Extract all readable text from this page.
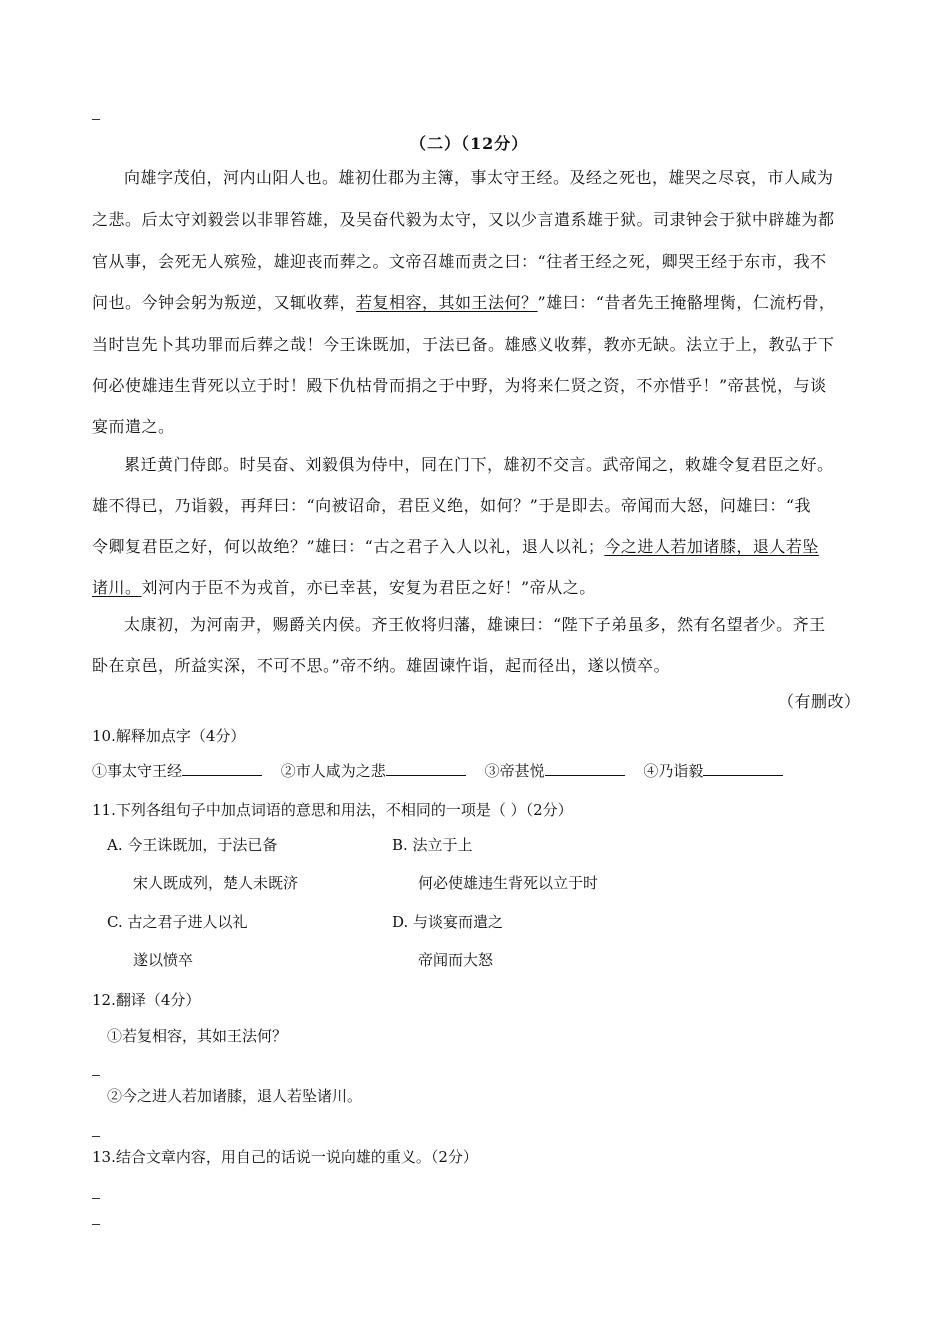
（二）（12分）
向雄字茂伯，河内山阳人也。雄初仕郡为主簿，事太守王经。及经之死也，雄哭之尽哀，市人咸为
之悲。后太守刘毅尝以非罪笞雄，及吴奋代毅为太守，又以少言遣系雄于狱。司隶钟会于狱中辟雄为都
官从事，会死无人殡殓，雄迎丧而葬之。文帝召雄而责之曰：“往者王经之死，卿哭王经于东市，我不
问也。今钟会躬为叛逆，又辄收葬，若复相容，其如王法何？”雄曰：“昔者先王掩骼埋胔，仁流朽骨，
当时岂先卜其功罪而后葬之哉！今王诛既加，于法已备。雄感义收葬，教亦无缺。法立于上，教弘于下
何必使雄违生背死以立于时！殿下仇枯骨而捐之于中野，为将来仁贤之资，不亦惜乎！”帝甚悦，与谈
宴而遣之。
累迁黄门侍郎。时吴奋、刘毅俱为侍中，同在门下，雄初不交言。武帝闻之，敕雄令复君臣之好。
雄不得已，乃诣毅，再拜曰：“向被诏命，君臣义绝，如何？”于是即去。帝闻而大怒，问雄曰：“我
令卿复君臣之好，何以故绝？”雄曰：“古之君子入人以礼，退人以礼；今之进人若加诸膝，退人若坠
诸川。刘河内于臣不为戎首，亦已幸甚，安复为君臣之好！”帝从之。
太康初，为河南尹，赐爵关内侯。齐王攸将归藩，雄谏曰：“陛下子弟虽多，然有名望者少。齐王
卧在京邑，所益实深，不可不思。”帝不纳。雄固谏忤诣，起而径出，遂以愤卒。
（有删改）
10.解释加点字（4分）
①事太守王经	②市人咸为之悲	③帝甚悦	④乃诣毅
11.下列各组句子中加点词语的意思和用法，不相同的一项是（ ）（2分）
A. 今王诛既加，于法已备	B. 法立于上
宋人既成列，楚人未既济	何必使雄违生背死以立于时
C. 古之君子进人以礼	D. 与谈宴而遣之
遂以愤卒	帝闻而大怒
12.翻译（4分）
①若复相容，其如王法何？
②今之进人若加诸膝，退人若坠诸川。
13.结合文章内容，用自己的话说一说向雄的重义。（2分）
